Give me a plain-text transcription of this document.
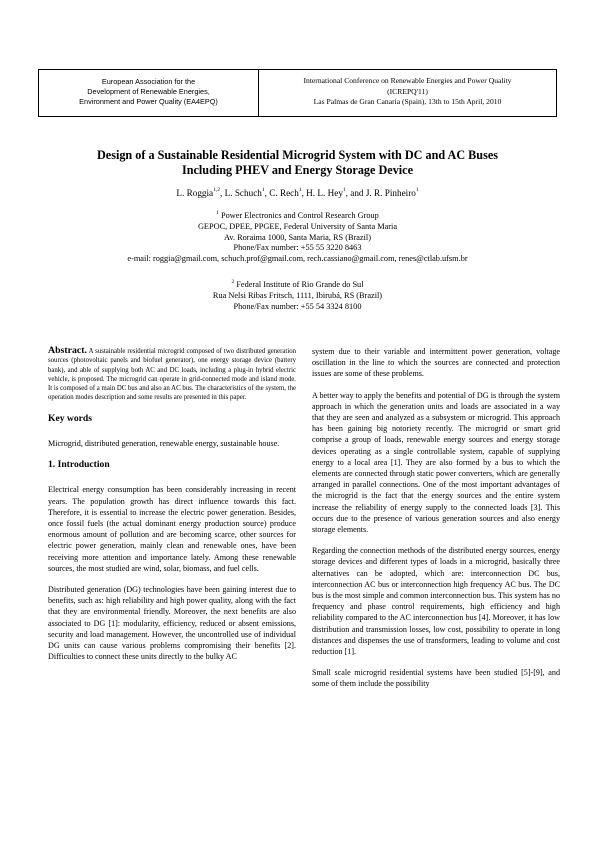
European Association for the
Development of Renewable Energies,
Environment and Power Quality (EA4EPQ)
International Conference on Renewable Energies and Power Quality
(ICREPQ'11)
Las Palmas de Gran Canaria (Spain), 13th to 15th April, 2010
Design of a Sustainable Residential Microgrid System with DC and AC Buses
Including PHEV and Energy Storage Device
L. Roggia$^{1,2}$, L. Schuch$^1$, C. Rech$^1$, H. L. Hey$^1$, and J. R. Pinheiro$^1$
$^1$ Power Electronics and Control Research Group
GEPOC, DPEE, PPGEE, Federal University of Santa Maria
Av. Roraima 1000, Santa Maria, RS (Brazil)
Phone/Fax number: +55 55 3220 8463
e-mail: roggia@gmail.com, schuch.prof@gmail.com, rech.cassiano@gmail.com, renes@ctlab.ufsm.br
$^2$ Federal Institute of Rio Grande do Sul
Rua Nelsi Ribas Fritsch, 1111, Ibirubá, RS (Brazil)
Phone/Fax number: +55 54 3324 8100

Abstract. A sustainable residential microgrid composed of two distributed generation sources (photovoltaic panels and biofuel generator), one energy storage device (battery bank), and able of supplying both AC and DC loads, including a plug-in hybrid electric vehicle, is proposed. The microgrid can operate in grid-connected mode and island mode. It is composed of a main DC bus and also an AC bus. The characteristics of the system, the operation modes description and some results are presented in this paper.

Key words

Microgrid, distributed generation, renewable energy, sustainable house.

1. Introduction

Electrical energy consumption has been considerably increasing in recent years. The population growth has direct influence towards this fact. Therefore, it is essential to increase the electric power generation. Besides, once fossil fuels (the actual dominant energy production source) produce enormous amount of pollution and are becoming scarce, other sources for electric power generation, mainly clean and renewable ones, have been receiving more attention and importance lately. Among these renewable sources, the most studied are wind, solar, biomass, and fuel cells.

Distributed generation (DG) technologies have been gaining interest due to benefits, such as: high reliability and high power quality, along with the fact that they are environmental friendly. Moreover, the next benefits are also associated to DG [1]: modularity, efficiency, reduced or absent emissions, security and load management. However, the uncontrolled use of individual DG units can cause various problems compromising their benefits [2]. Difficulties to connect these units directly to the bulky AC

system due to their variable and intermittent power generation, voltage oscillation in the line to which the sources are connected and protection issues are some of these problems.

A better way to apply the benefits and potential of DG is through the system approach in which the generation units and loads are associated in a way that they are seen and analyzed as a subsystem or microgrid. This approach has been gaining big notoriety recently. The microgrid or smart grid comprise a group of loads, renewable energy sources and energy storage devices operating as a single controllable system, capable of supplying energy to a local area [1]. They are also formed by a bus to which the elements are connected through static power converters, which are generally arranged in parallel connections. One of the most important advantages of the microgrid is the fact that the energy sources and the entire system increase the reliability of energy supply to the connected loads [3]. This occurs due to the presence of various generation sources and also energy storage elements.

Regarding the connection methods of the distributed energy sources, energy storage devices and different types of loads in a microgrid, basically three alternatives can be adopted, which are: interconnection DC bus, interconnection AC bus or interconnection high frequency AC bus. The DC bus is the most simple and common interconnection bus. This system has no frequency and phase control requirements, high efficiency and high reliability compared to the AC interconnection bus [4]. Moreover, it has low distribution and transmission losses, low cost, possibility to operate in long distances and dispenses the use of transformers, leading to volume and cost reduction [1].

Small scale microgrid residential systems have been studied [5]-[9], and some of them include the possibility
